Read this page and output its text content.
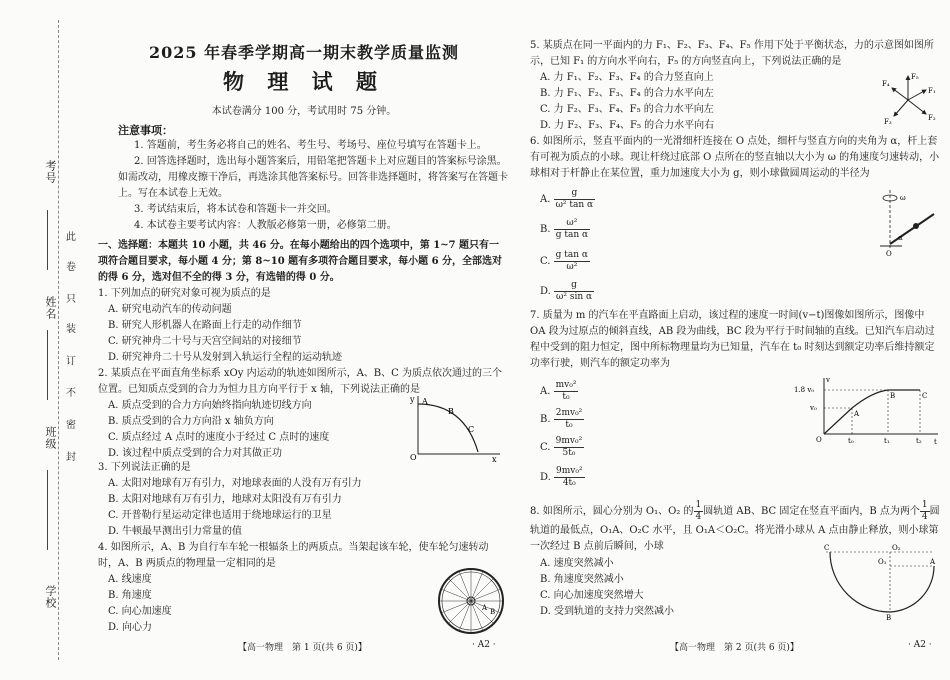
考号
姓名
班级
学校
此
卷
只
装
订
不
密
封
2025 年春季学期高一期末教学质量监测
物 理 试 题
本试卷满分 100 分，考试用时 75 分钟。
注意事项：
1. 答题前，考生务必将自己的姓名、考生号、考场号、座位号填写在答题卡上。
2. 回答选择题时，选出每小题答案后，用铅笔把答题卡上对应题目的答案标号涂黑。如需改动，用橡皮擦干净后，再选涂其他答案标号。回答非选择题时，将答案写在答题卡上。写在本试卷上无效。
3. 考试结束后，将本试卷和答题卡一并交回。
4. 本试卷主要考试内容：人教版必修第一册，必修第二册。
一、选择题：本题共 10 小题，共 46 分。在每小题给出的四个选项中，第 1~7 题只有一项符合题目要求，每小题 4 分；第 8~10 题有多项符合题目要求，每小题 6 分，全部选对的得 6 分，选对但不全的得 3 分，有选错的得 0 分。
1. 下列加点的研究对象可视为质点的是
A. 研究电动汽车的传动问题
B. 研究人形机器人在路面上行走的动作细节
C. 研究神舟二十号与天宫空间站的对接细节
D. 研究神舟二十号从发射到入轨运行全程的运动轨迹
2. 某质点在平面直角坐标系 xOy 内运动的轨迹如图所示，A、B、C 为质点依次通过的三个位置。已知质点受到的合力为恒力且方向平行于 x 轴，下列说法正确的是
A. 质点受到的合力方向始终指向轨迹切线方向
B. 质点受到的合力方向沿 x 轴负方向
C. 质点经过 A 点时的速度小于经过 C 点时的速度
D. 该过程中质点受到的合力对其做正功
y
x
O
A
B
C
3. 下列说法正确的是
A. 太阳对地球有万有引力，对地球表面的人没有万有引力
B. 太阳对地球有万有引力，地球对太阳没有万有引力
C. 开普勒行星运动定律也适用于绕地球运行的卫星
D. 牛顿最早测出引力常量的值
4. 如图所示，A、B 为自行车车轮一根辐条上的两质点。当架起该车轮，使车轮匀速转动时，A、B 两质点的物理量一定相同的是
A. 线速度
B. 角速度
C. 向心加速度
D. 向心力
A B
【高一物理　第 1 页(共 6 页)】	· A2 ·
5. 某质点在同一平面内的力 F₁、F₂、F₃、F₄、F₅ 作用下处于平衡状态，力的示意图如图所示，已知 F₁ 的方向水平向右，F₅ 的方向竖直向上，下列说法正确的是
A. 力 F₁、F₂、F₃、F₄ 的合力竖直向上
B. 力 F₁、F₂、F₃、F₄ 的合力水平向左
C. 力 F₂、F₃、F₄、F₅ 的合力水平向左
D. 力 F₂、F₃、F₄、F₅ 的合力水平向右
F₅
F₁
F₂
F₄
F₃
6. 如图所示，竖直平面内的一光滑细杆连接在 O 点处，细杆与竖直方向的夹角为 α，杆上套有可视为质点的小球。现让杆绕过底部 O 点所在的竖直轴以大小为 ω 的角速度匀速转动，小球相对于杆静止在某位置，重力加速度大小为 g，则小球做圆周运动的半径为
A. $\frac{g}{\text{ω² tan α}}$
B. $\frac{\text{ω²}}{\text{g tan α}}$
C. $\frac{\text{g tan α}}{\text{ω²}}$
D. $\frac{g}{\text{ω² sin α}}$
α
ω
O
7. 质量为 m 的汽车在平直路面上启动，该过程的速度一时间(v−t)图像如图所示，图像中 OA 段为过原点的倾斜直线，AB 段为曲线，BC 段为平行于时间轴的直线。已知汽车启动过程中受到的阻力恒定，图中所标物理量均为已知量，汽车在 t₀ 时刻达到额定功率后维持额定功率行驶，则汽车的额定功率为
A. $\frac{\text{mv₀²}}{\text{t₀}}$
B. $\frac{\text{2mv₀²}}{\text{t₀}}$
C. $\frac{\text{9mv₀²}}{\text{5t₀}}$
D. $\frac{\text{9mv₀²}}{\text{4t₀}}$
v
t
O
1.8 v₀
v₀
t₀	t₁	t₂
A
B	C
8. 如图所示，圆心分别为 O₁、O₂ 的 $\frac{1}{4}$ 圆轨道 AB、BC 固定在竖直平面内，B 点为两个 $\frac{1}{4}$ 圆轨道的最低点，O₁A、O₂C 水平，且 O₁A＜O₂C。将光滑小球从 A 点由静止释放，则小球第一次经过 B 点前后瞬间，小球
A. 速度突然减小
B. 角速度突然减小
C. 向心加速度突然增大
D. 受到轨道的支持力突然减小
C
A
B
O₁
O₂
【高一物理　第 2 页(共 6 页)】	· A2 ·
